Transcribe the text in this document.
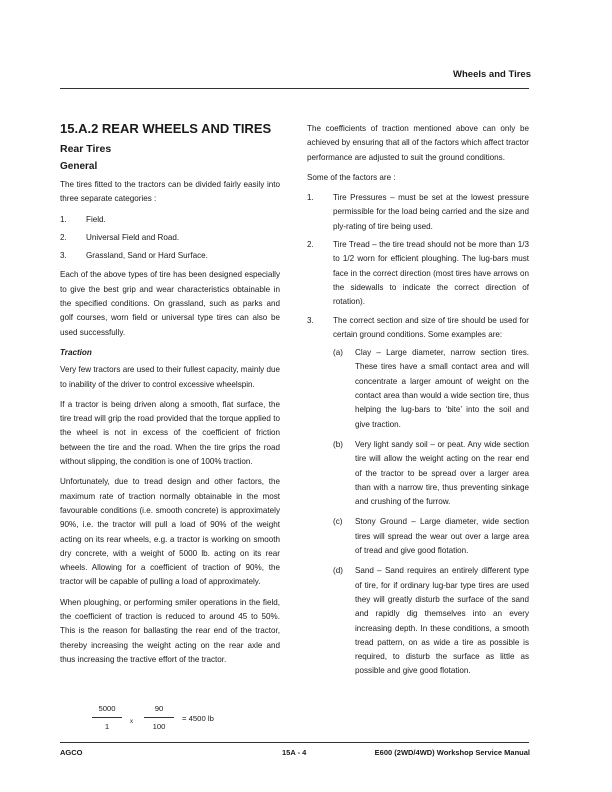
Wheels and Tires
15.A.2 REAR WHEELS AND TIRES
Rear Tires
General

The tires fitted to the tractors can be divided fairly easily into three separate categories :

1.	Field.
2.	Universal Field and Road.
3.	Grassland, Sand or Hard Surface.

Each of the above types of tire has been designed especially to give the best grip and wear characteristics obtainable in the specified conditions. On grassland, such as parks and golf courses, worn field or universal type tires can also be used successfully.

Traction

Very few tractors are used to their fullest capacity, mainly due to inability of the driver to control excessive wheelspin.

If a tractor is being driven along a smooth, flat surface, the tire tread will grip the road provided that the torque applied to the wheel is not in excess of the coefficient of friction between the tire and the road. When the tire grips the road without slipping, the condition is one of 100% traction.

Unfortunately, due to tread design and other factors, the maximum rate of traction normally obtainable in the most favourable conditions (i.e. smooth concrete) is approximately 90%, i.e. the tractor will pull a load of 90% of the weight acting on its rear wheels, e.g. a tractor is working on smooth dry concrete, with a weight of 5000 lb. acting on its rear wheels. Allowing for a coefficient of traction of 90%, the tractor will be capable of pulling a load of approximately.

When ploughing, or performing smiler operations in the field, the coefficient of traction is reduced to around 45 to 50%. This is the reason for ballasting the rear end of the tractor, thereby increasing the weight acting on the rear axle and thus increasing the tractive effort of the tractor.

$\frac{5000}{1}$ x $\frac{90}{100} = 4500$ lb

The coefficients of traction mentioned above can only be achieved by ensuring that all of the factors which affect tractor performance are adjusted to suit the ground conditions.

Some of the factors are :

1.	Tire Pressures – must be set at the lowest pressure permissible for the load being carried and the size and ply-rating of tire being used.
2.	Tire Tread – the tire tread should not be more than 1/3 to 1/2 worn for efficient ploughing. The lug-bars must face in the correct direction (most tires have arrows on the sidewalls to indicate the correct direction of rotation).
3.	The correct section and size of tire should be used for certain ground conditions. Some examples are:
(a)	Clay – Large diameter, narrow section tires. These tires have a small contact area and will concentrate a larger amount of weight on the contact area than would a wide section tire, thus helping the lug-bars to ‘bite’ into the soil and give traction.
(b)	Very light sandy soil – or peat. Any wide section tire will allow the weight acting on the rear end of the tractor to be spread over a larger area than with a narrow tire, thus preventing sinkage and crushing of the furrow.
(c)	Stony Ground – Large diameter, wide section tires will spread the wear out over a large area of tread and give good flotation.
(d)	Sand – Sand requires an entirely different type of tire, for if ordinary lug-bar type tires are used they will greatly disturb the surface of the sand and rapidly dig themselves into an every increasing depth. In these conditions, a smooth tread pattern, on as wide a tire as possible is required, to disturb the surface as little as possible and give good flotation.
AGCO	15A - 4	E600 (2WD/4WD) Workshop Service Manual
